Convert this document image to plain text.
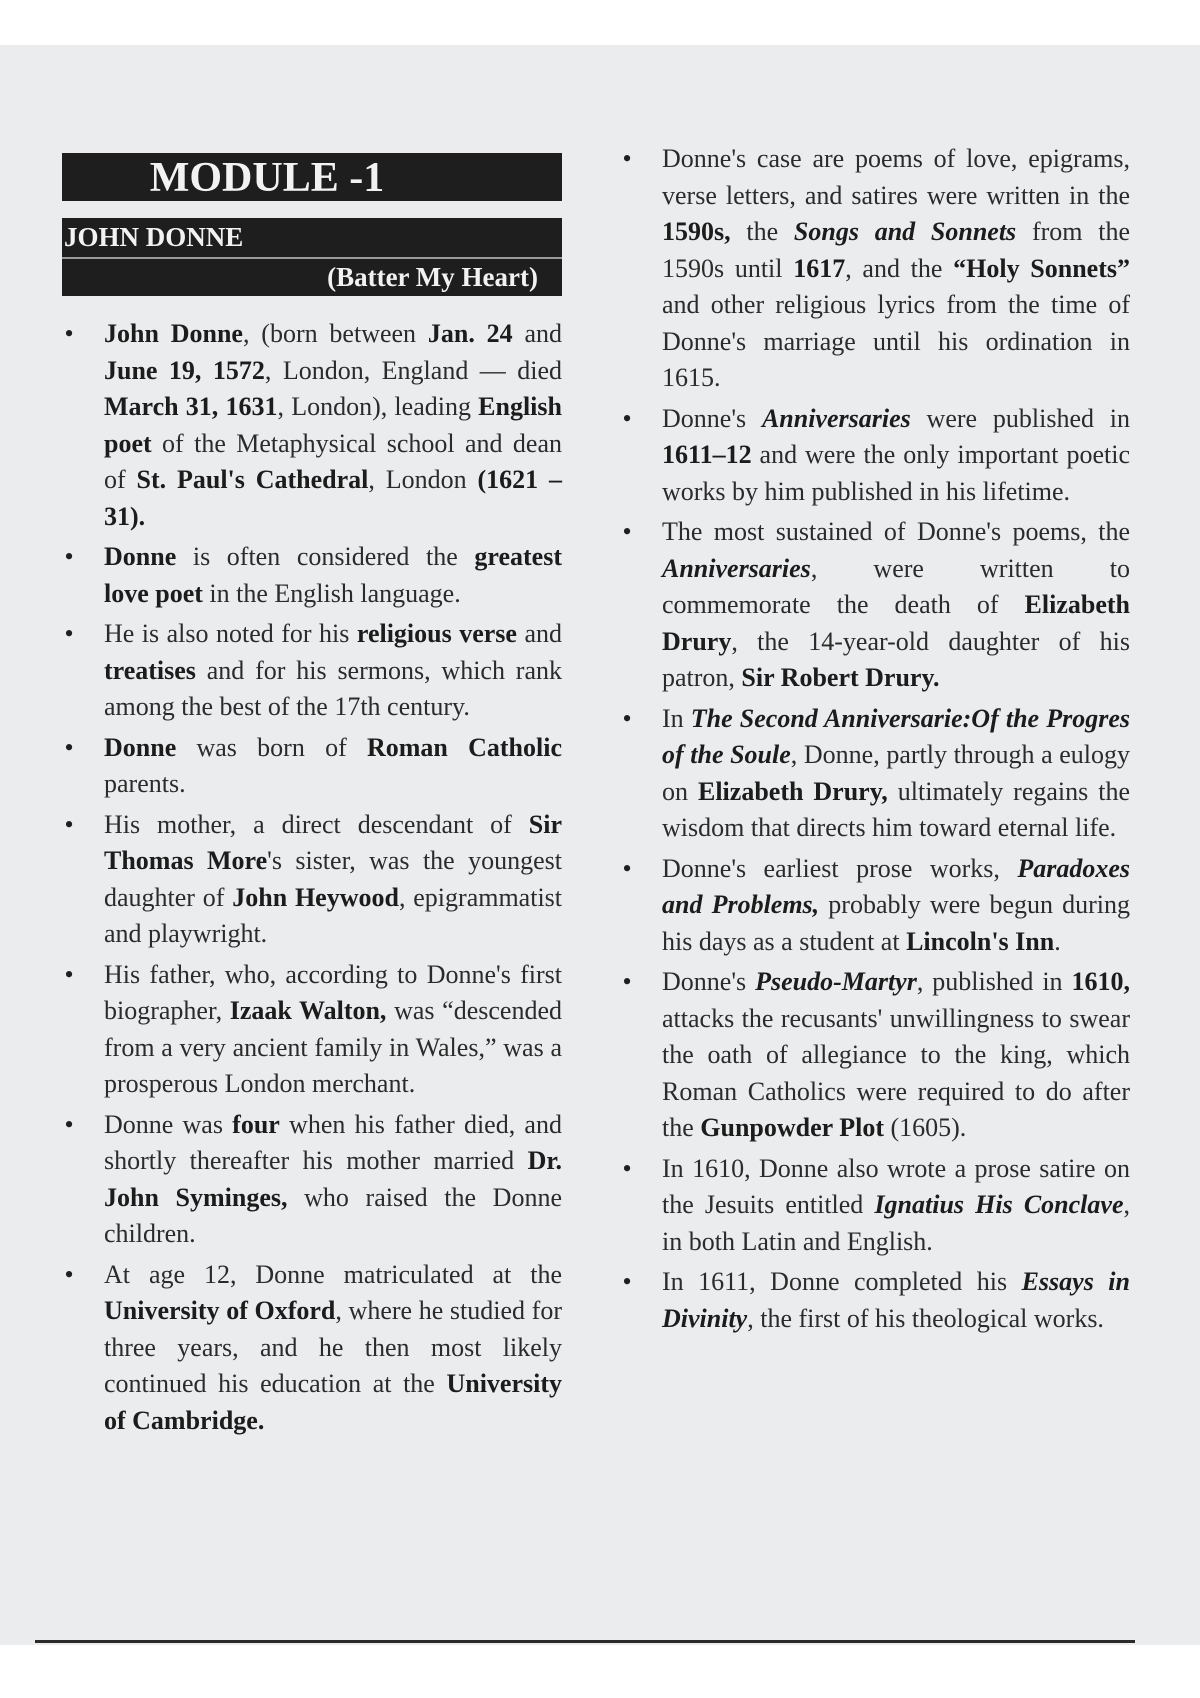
MODULE -1
JOHN DONNE
(Batter My Heart)
• John Donne, (born between Jan. 24 and June 19, 1572, London, England — died March 31, 1631, London), leading English poet of the Metaphysical school and dean of St. Paul's Cathedral, London (1621 –31).
• Donne is often considered the greatest love poet in the English language.
• He is also noted for his religious verse and treatises and for his sermons, which rank among the best of the 17th century.
• Donne was born of Roman Catholic parents.
• His mother, a direct descendant of Sir Thomas More's sister, was the youngest daughter of John Heywood, epigrammatist and playwright.
• His father, who, according to Donne's first biographer, Izaak Walton, was “descended from a very ancient family in Wales,” was a prosperous London merchant.
• Donne was four when his father died, and shortly thereafter his mother married Dr. John Syminges, who raised the Donne children.
• At age 12, Donne matriculated at the University of Oxford, where he studied for three years, and he then most likely continued his education at the University of Cambridge.
• Donne's case are poems of love, epigrams, verse letters, and satires were written in the 1590s, the Songs and Sonnets from the 1590s until 1617, and the “Holy Sonnets” and other religious lyrics from the time of Donne's marriage until his ordination in 1615.
• Donne's Anniversaries were published in 1611–12 and were the only important poetic works by him published in his lifetime.
• The most sustained of Donne's poems, the Anniversaries, were written to commemorate the death of Elizabeth Drury, the 14-year-old daughter of his patron, Sir Robert Drury.
• In The Second Anniversarie:Of the Progres of the Soule, Donne, partly through a eulogy on Elizabeth Drury, ultimately regains the wisdom that directs him toward eternal life.
• Donne's earliest prose works, Paradoxes and Problems, probably were begun during his days as a student at Lincoln's Inn.
• Donne's Pseudo-Martyr, published in 1610, attacks the recusants' unwillingness to swear the oath of allegiance to the king, which Roman Catholics were required to do after the Gunpowder Plot (1605).
• In 1610, Donne also wrote a prose satire on the Jesuits entitled Ignatius His Conclave, in both Latin and English.
• In 1611, Donne completed his Essays in Divinity, the first of his theological works.
